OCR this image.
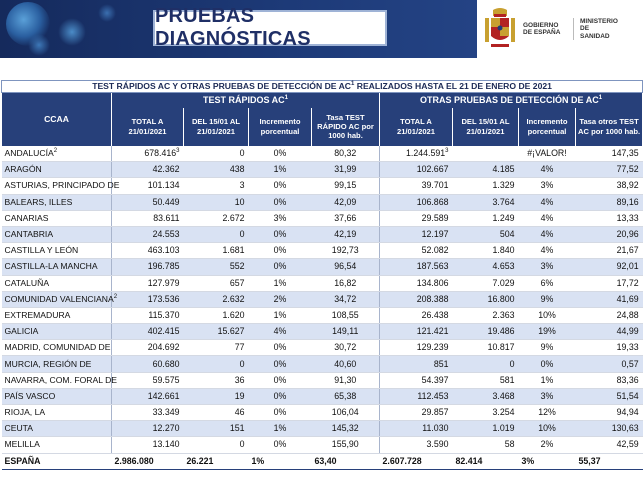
PRUEBAS DIAGNÓSTICAS
GOBIERNO
DE ESPAÑA
MINISTERIO
DE SANIDAD
TEST RÁPIDOS AC Y OTRAS PRUEBAS DE DETECCIÓN DE $AC^1$ REALIZADOS HASTA EL 21 DE ENERO DE 2021								
CCAA	TEST RÁPIDOS $AC^1$				OTRAS PRUEBAS DE DETECCIÓN DE $AC^1$
	TOTAL A 21/01/2021	DEL 15/01 AL 21/01/2021	Incremento porcentual	Tasa TEST RÁPIDO AC por 1000 hab.	TOTAL A 21/01/2021	DEL 15/01 AL 21/01/2021	Incremento porcentual	Tasa otros TEST AC por 1000 hab.
ANDALUCÍA$^2$	678.416$^3$	0	0%	80,32	1.244.591$^3$		#¡VALOR!	147,35
ARAGÓN	42.362	438	1%	31,99	102.667	4.185	4%	77,52
ASTURIAS, PRINCIPADO DE	101.134	3	0%	99,15	39.701	1.329	3%	38,92
BALEARS, ILLES	50.449	10	0%	42,09	106.868	3.764	4%	89,16
CANARIAS	83.611	2.672	3%	37,66	29.589	1.249	4%	13,33
CANTABRIA	24.553	0	0%	42,19	12.197	504	4%	20,96
CASTILLA Y LEÓN	463.103	1.681	0%	192,73	52.082	1.840	4%	21,67
CASTILLA-LA MANCHA	196.785	552	0%	96,54	187.563	4.653	3%	92,01
CATALUÑA	127.979	657	1%	16,82	134.806	7.029	6%	17,72
COMUNIDAD VALENCIANA$^2$	173.536	2.632	2%	34,72	208.388	16.800	9%	41,69
EXTREMADURA	115.370	1.620	1%	108,55	26.438	2.363	10%	24,88
GALICIA	402.415	15.627	4%	149,11	121.421	19.486	19%	44,99
MADRID, COMUNIDAD DE	204.692	77	0%	30,72	129.239	10.817	9%	19,33
MURCIA, REGIÓN DE	60.680	0	0%	40,60	851	0	0%	0,57
NAVARRA, COM. FORAL DE	59.575	36	0%	91,30	54.397	581	1%	83,36
PAÍS VASCO	142.661	19	0%	65,38	112.453	3.468	3%	51,54
RIOJA, LA	33.349	46	0%	106,04	29.857	3.254	12%	94,94
CEUTA	12.270	151	1%	145,32	11.030	1.019	10%	130,63
MELILLA	13.140	0	0%	155,90	3.590	58	2%	42,59
ESPAÑA	2.986.080	26.221	1%	63,40	2.607.728	82.414	3%	55,37
